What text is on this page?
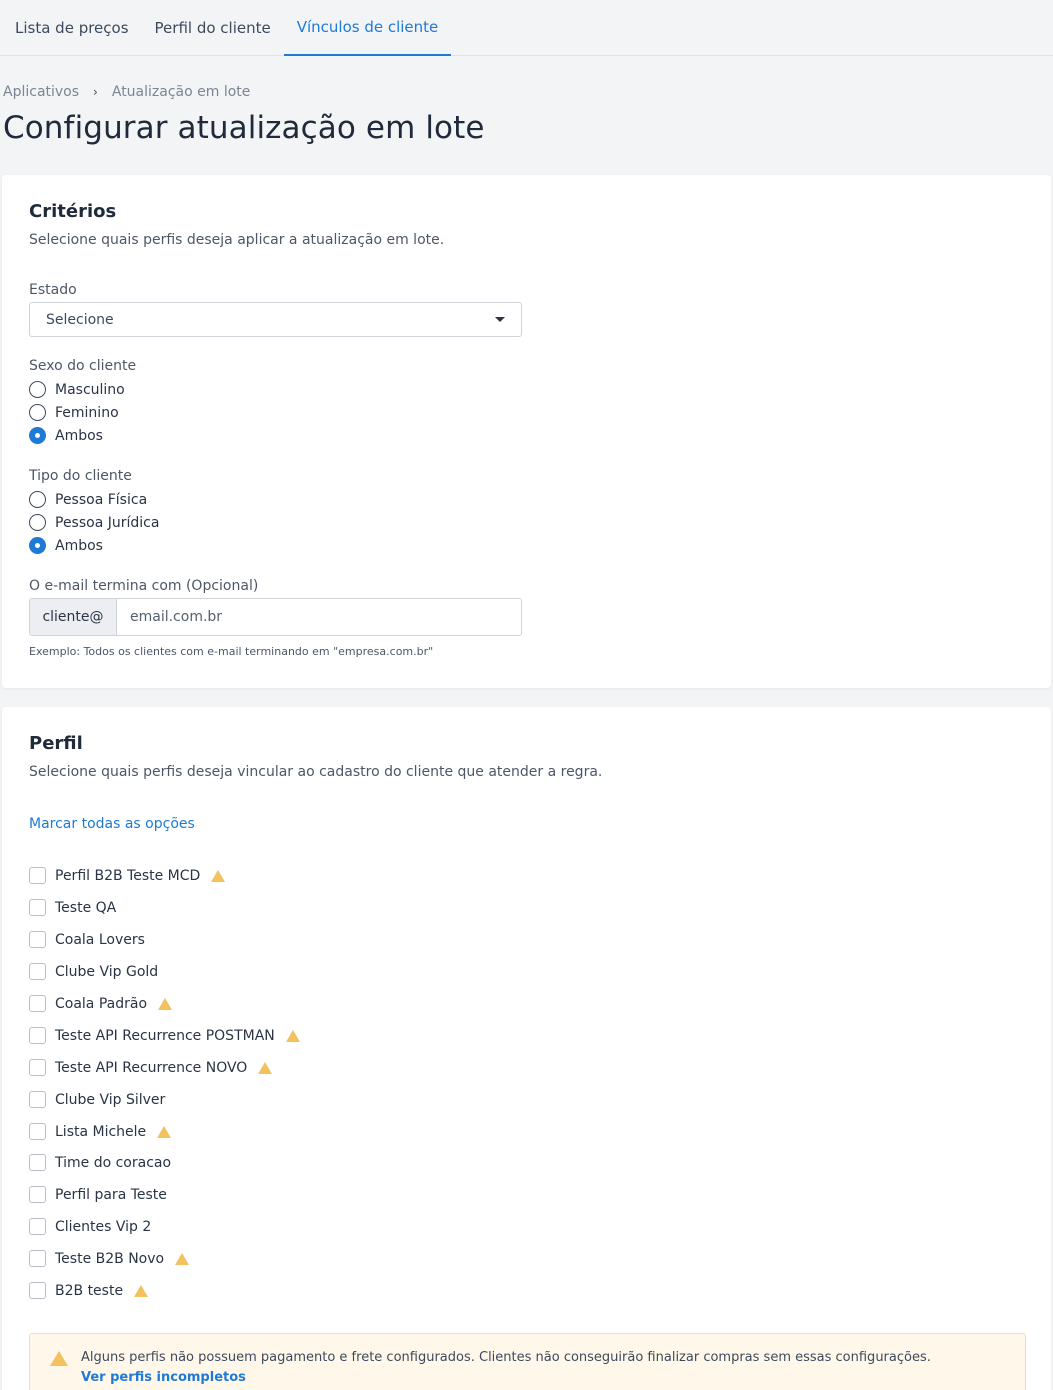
Lista de preços	Perfil do cliente	Vínculos de cliente
Aplicativos › Atualização em lote
Configurar atualização em lote
Critérios
Selecione quais perfis deseja aplicar a atualização em lote.
Estado
Selecione
Sexo do cliente
Masculino
Feminino
Ambos
Tipo do cliente
Pessoa Física
Pessoa Jurídica
Ambos
O e-mail termina com (Opcional)
cliente@
email.com.br
Exemplo: Todos os clientes com e-mail terminando em "empresa.com.br"
Perfil
Selecione quais perfis deseja vincular ao cadastro do cliente que atender a regra.
Marcar todas as opções
Perfil B2B Teste MCD
Teste QA
Coala Lovers
Clube Vip Gold
Coala Padrão
Teste API Recurrence POSTMAN
Teste API Recurrence NOVO
Clube Vip Silver
Lista Michele
Time do coracao
Perfil para Teste
Clientes Vip 2
Teste B2B Novo
B2B teste
Alguns perfis não possuem pagamento e frete configurados. Clientes não conseguirão finalizar compras sem essas configurações.
Ver perfis incompletos
